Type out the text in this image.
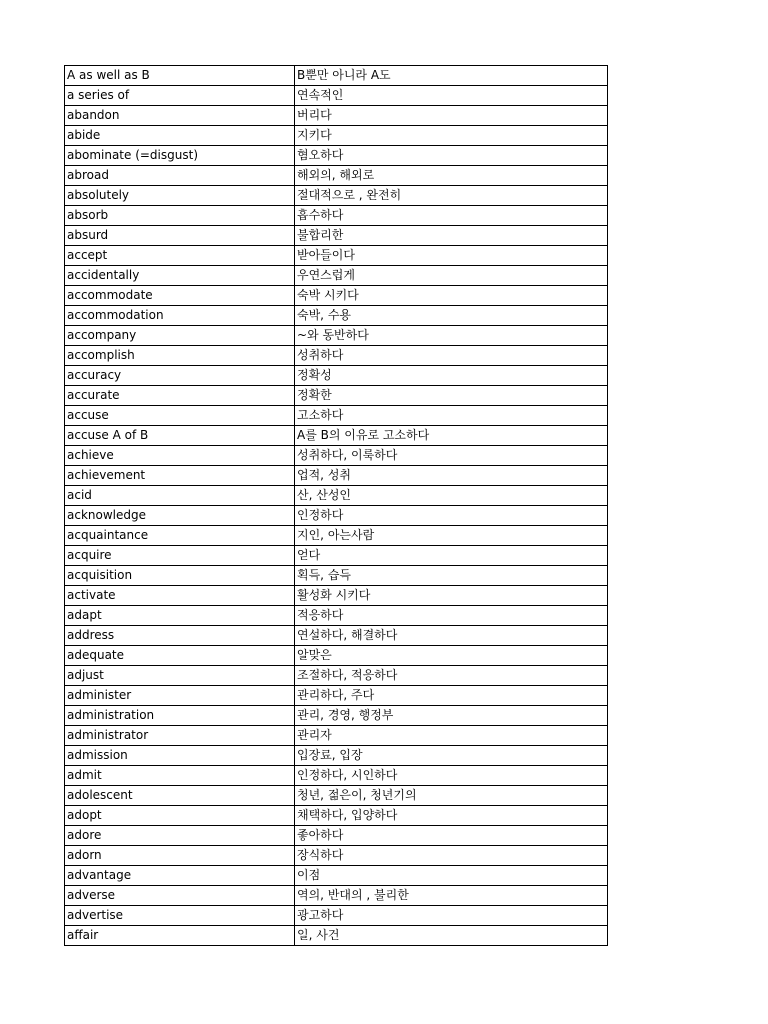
A as well as B	B뿐만 아니라 A도
a series of	연속적인
abandon	버리다
abide	지키다
abominate (=disgust)	혐오하다
abroad	해외의, 해외로
absolutely	절대적으로 , 완전히
absorb	흡수하다
absurd	불합리한
accept	받아들이다
accidentally	우연스럽게
accommodate	숙박 시키다
accommodation	숙박, 수용
accompany	~와 동반하다
accomplish	성취하다
accuracy	정확성
accurate	정확한
accuse	고소하다
accuse A of B	A를 B의 이유로 고소하다
achieve	성취하다, 이룩하다
achievement	업적, 성취
acid	산, 산성인
acknowledge	인정하다
acquaintance	지인, 아는사람
acquire	얻다
acquisition	획득, 습득
activate	활성화 시키다
adapt	적응하다
address	연설하다, 해결하다
adequate	알맞은
adjust	조절하다, 적응하다
administer	관리하다, 주다
administration	관리, 경영, 행정부
administrator	관리자
admission	입장료, 입장
admit	인정하다, 시인하다
adolescent	청년, 젊은이, 청년기의
adopt	채택하다, 입양하다
adore	좋아하다
adorn	장식하다
advantage	이점
adverse	역의, 반대의 , 불리한
advertise	광고하다
affair	일, 사건
